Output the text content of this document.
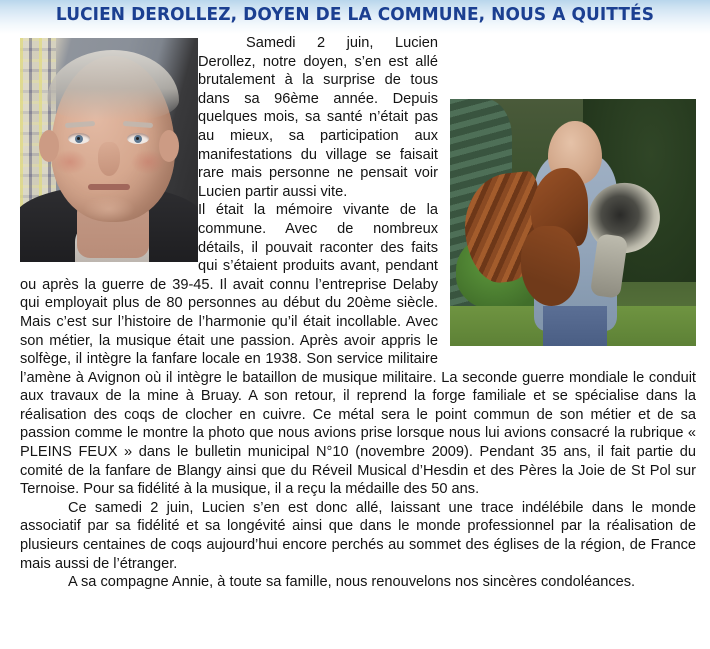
LUCIEN DEROLLEZ, DOYEN DE LA COMMUNE, NOUS A QUITTÉS

Samedi 2 juin, Lucien Derollez, notre doyen, s’en est allé brutalement à la surprise de tous dans sa 96ème année. Depuis quelques mois, sa santé n’était pas au mieux, sa participation aux manifestations du village se faisait rare mais personne ne pensait voir Lucien partir aussi vite.

Il était la mémoire vivante de la commune. Avec de nombreux détails, il pouvait raconter des faits qui s’étaient produits avant, pendant ou après la guerre de 39-45. Il avait connu l’entreprise Delaby qui employait plus de 80 personnes au début du 20ème siècle. Mais c’est sur l’histoire de l’harmonie qu’il était incollable. Avec son métier, la musique était une passion. Après avoir appris le solfège, il intègre la fanfare locale en 1938. Son service militaire l’amène à Avignon où il intègre le bataillon de musique militaire. La seconde guerre mondiale le conduit aux travaux de la mine à Bruay. A son retour, il reprend la forge familiale et se spécialise dans la réalisation des coqs de clocher en cuivre. Ce métal sera le point commun de son métier et de sa passion comme le montre la photo que nous avions prise lorsque nous lui avions consacré la rubrique « PLEINS FEUX » dans le bulletin municipal N°10 (novembre 2009). Pendant 35 ans, il fait partie du comité de la fanfare de Blangy ainsi que du Réveil Musical d’Hesdin et des Pères la Joie de St Pol sur Ternoise. Pour sa fidélité à la musique, il a reçu la médaille des 50 ans.

Ce samedi 2 juin, Lucien s’en est donc allé, laissant une trace indélébile dans le monde associatif par sa fidélité et sa longévité ainsi que dans le monde professionnel par la réalisation de plusieurs centaines de coqs aujourd’hui encore perchés au sommet des églises de la région, de France mais aussi de l’étranger.

A sa compagne Annie, à toute sa famille, nous renouvelons nos sincères condoléances.
